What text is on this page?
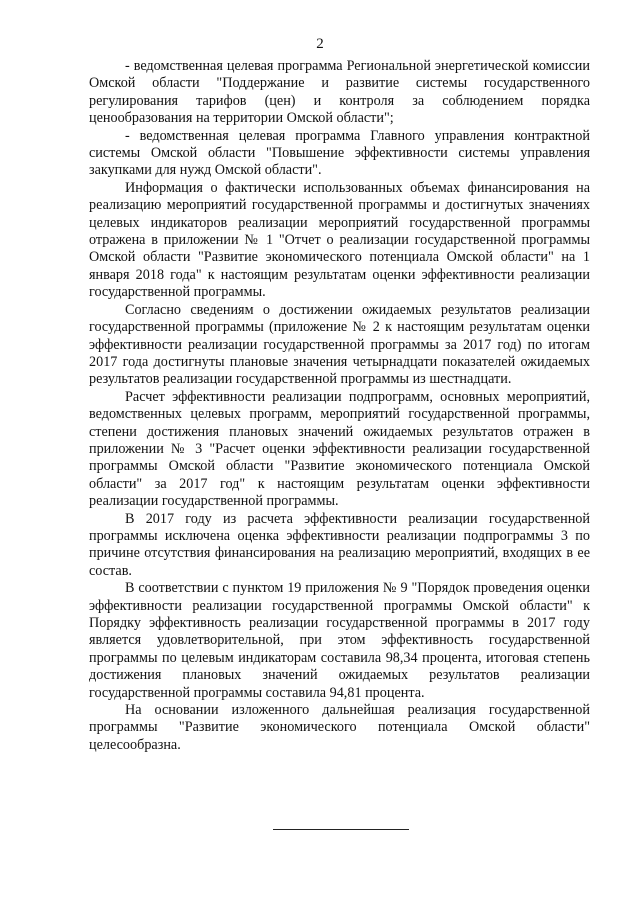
2

- ведомственная целевая программа Региональной энергетической комиссии Омской области "Поддержание и развитие системы государственного регулирования тарифов (цен) и контроля за соблюдением порядка ценообразования на территории Омской области";

- ведомственная целевая программа Главного управления контрактной системы Омской области "Повышение эффективности системы управления закупками для нужд Омской области".

Информация о фактически использованных объемах финансирования на реализацию мероприятий государственной программы и достигнутых значениях целевых индикаторов реализации мероприятий государственной программы отражена в приложении № 1 "Отчет о реализации государственной программы Омской области "Развитие экономического потенциала Омской области" на 1 января 2018 года" к настоящим результатам оценки эффективности реализации государственной программы.

Согласно сведениям о достижении ожидаемых результатов реализации государственной программы (приложение № 2 к настоящим результатам оценки эффективности реализации государственной программы за 2017 год) по итогам 2017 года достигнуты плановые значения четырнадцати показателей ожидаемых результатов реализации государственной программы из шестнадцати.

Расчет эффективности реализации подпрограмм, основных мероприятий, ведомственных целевых программ, мероприятий государственной программы, степени достижения плановых значений ожидаемых результатов отражен в приложении № 3 "Расчет оценки эффективности реализации государственной программы Омской области "Развитие экономического потенциала Омской области" за 2017 год" к настоящим результатам оценки эффективности реализации государственной программы.

В 2017 году из расчета эффективности реализации государственной программы исключена оценка эффективности реализации подпрограммы 3 по причине отсутствия финансирования на реализацию мероприятий, входящих в ее состав.

В соответствии с пунктом 19 приложения № 9 "Порядок проведения оценки эффективности реализации государственной программы Омской области" к Порядку эффективность реализации государственной программы в 2017 году является удовлетворительной, при этом эффективность государственной программы по целевым индикаторам составила 98,34 процента, итоговая степень достижения плановых значений ожидаемых результатов реализации государственной программы составила 94,81 процента.

На основании изложенного дальнейшая реализация государственной программы "Развитие экономического потенциала Омской области" целесообразна.
